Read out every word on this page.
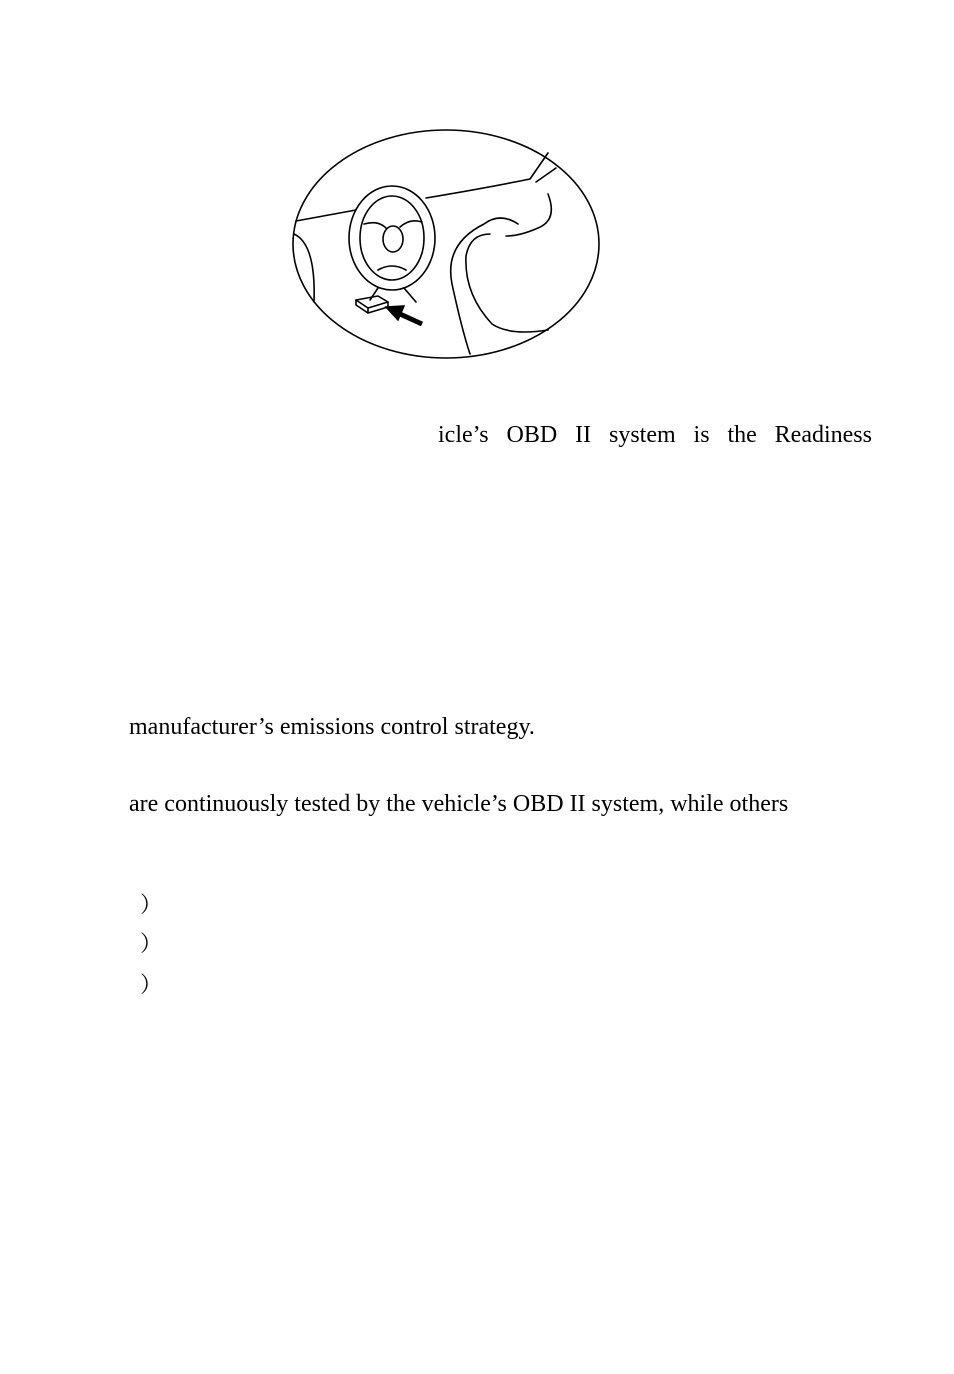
icle’s OBD II system is the Readiness
manufacturer’s emissions control strategy.
are continuously tested by the vehicle’s OBD II system, while others
）
）
）
